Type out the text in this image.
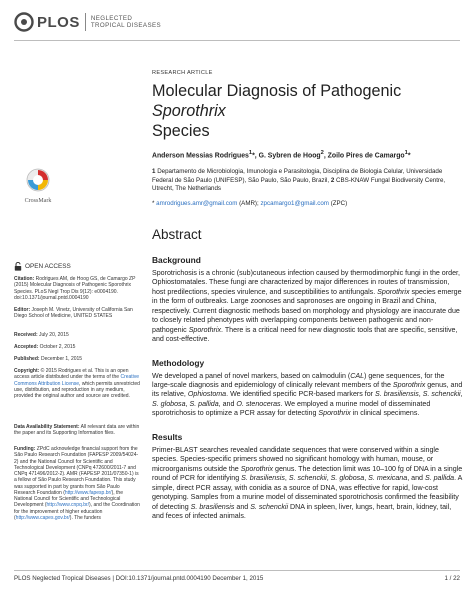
PLOS NEGLECTED
TROPICAL DISEASES
CrossMark
OPEN ACCESS
Citation: Rodrigues AM, de Hoog GS, de Camargo ZP (2015) Molecular Diagnosis of Pathogenic Sporothrix Species. PLoS Negl Trop Dis 9(12): e0004190. doi:10.1371/journal.pntd.0004190
Editor: Joseph M. Vinetz, University of California San Diego School of Medicine, UNITED STATES
Received: July 20, 2015
Accepted: October 2, 2015
Published: December 1, 2015
Copyright: © 2015 Rodrigues et al. This is an open access article distributed under the terms of the Creative Commons Attribution License, which permits unrestricted use, distribution, and reproduction in any medium, provided the original author and source are credited.
Data Availability Statement: All relevant data are within the paper and its Supporting Information files.
Funding: ZPdC acknowledge financial support from the São Paulo Research Foundation (FAPESP 2009/54024-2) and the National Council for Scientific and Technological Development (CNPq 472600/2011-7 and CNPq 471496/2012-2). AMR (FAPESP 2011/07350-1) is a fellow of São Paulo Research Foundation. This study was supported in part by grants from São Paulo Research Foundation (http://www.fapesp.br/), the National Council for Scientific and Technological Development (http://www.cnpq.br/), and the Coordination for the improvement of higher education (http://www.capes.gov.br/). The funders
RESEARCH ARTICLE
Molecular Diagnosis of Pathogenic Sporothrix
Species
Anderson Messias Rodrigues$^1$*, G. Sybren de Hoog$^2$, Zoilo Pires de Camargo$^1$*
1 Departamento de Microbiologia, Imunologia e Parasitologia, Disciplina de Biologia Celular, Universidade Federal de São Paulo (UNIFESP), São Paulo, São Paulo, Brazil, 2 CBS-KNAW Fungal Biodiversity Centre, Utrecht, The Netherlands
* amrodrigues.amr@gmail.com (AMR); zpcamargo1@gmail.com (ZPC)
Abstract
Background
Sporotrichosis is a chronic (sub)cutaneous infection caused by thermodimorphic fungi in the order, Ophiostomatales. These fungi are characterized by major differences in routes of transmission, host predilections, species virulence, and susceptibilities to antifungals. Sporothrix species emerge in the form of outbreaks. Large zoonoses and sapronoses are ongoing in Brazil and China, respectively. Current diagnostic methods based on morphology and physiology are inaccurate due to closely related phenotypes with overlapping components between pathogenic and non-pathogenic Sporothrix. There is a critical need for new diagnostic tools that are specific, sensitive, and cost-effective.
Methodology
We developed a panel of novel markers, based on calmodulin (CAL) gene sequences, for the large-scale diagnosis and epidemiology of clinically relevant members of the Sporothrix genus, and its relative, Ophiostoma. We identified specific PCR-based markers for S. brasiliensis, S. schenckii, S. globosa, S. pallida, and O. stenoceras. We employed a murine model of disseminated sporotrichosis to optimize a PCR assay for detecting Sporothrix in clinical specimens.
Results
Primer-BLAST searches revealed candidate sequences that were conserved within a single species. Species-specific primers showed no significant homology with human, mouse, or microorganisms outside the Sporothrix genus. The detection limit was 10–100 fg of DNA in a single round of PCR for identifying S. brasiliensis, S. schenckii, S. globosa, S. mexicana, and S. pallida. A simple, direct PCR assay, with conidia as a source of DNA, was effective for rapid, low-cost genotyping. Samples from a murine model of disseminated sporotrichosis confirmed the feasibility of detecting S. brasiliensis and S. schenckii DNA in spleen, liver, lungs, heart, brain, kidney, tail, and feces of infected animals.
PLOS Neglected Tropical Diseases | DOI:10.1371/journal.pntd.0004190 December 1, 2015	1 / 22
